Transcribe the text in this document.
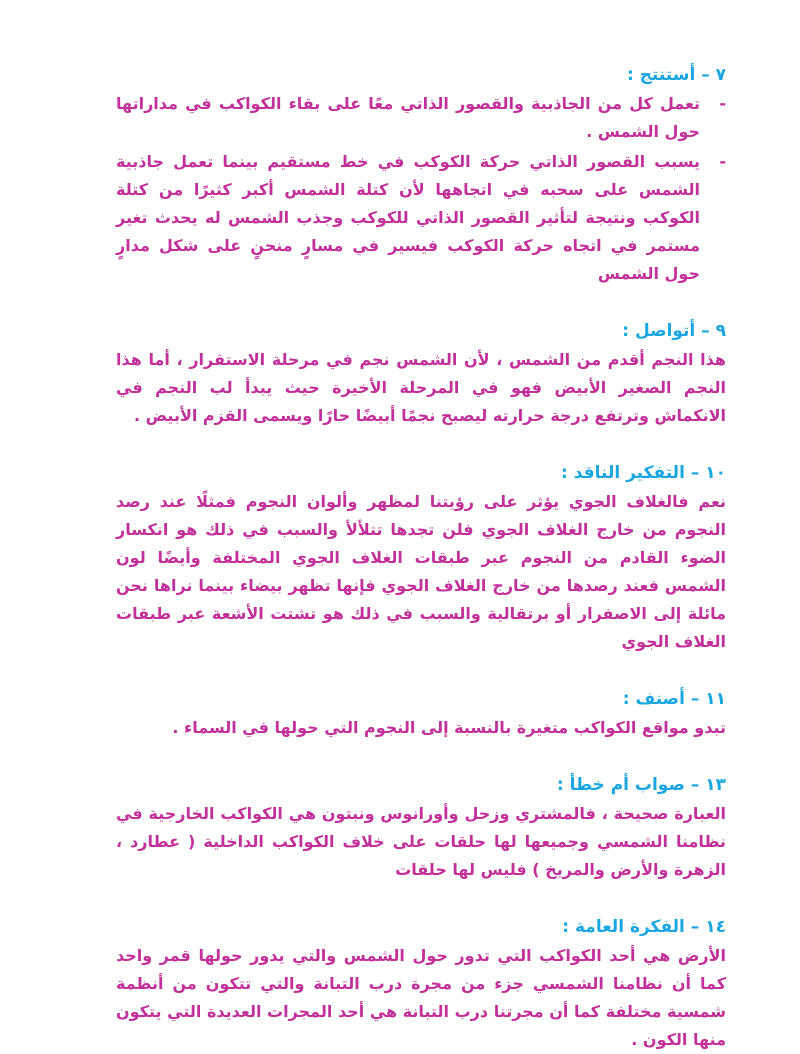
٧ – أستنتج :
-
تعمل كل من الجاذبية والقصور الذاتي معًا على بقاء الكواكب في مداراتها حول الشمس .
-
يسبب القصور الذاتي حركة الكوكب في خط مستقيم بينما تعمل جاذبية الشمس على سحبه في اتجاهها لأن كتلة الشمس أكبر كثيرًا من كتلة الكوكب ونتيجة لتأثير القصور الذاتي للكوكب وجذب الشمس له يحدث تغير مستمر في اتجاه حركة الكوكب فيسير في مسارٍ منحنٍ على شكل مدارٍ حول الشمس
٩ – أتواصل :

هذا النجم أقدم من الشمس ، لأن الشمس نجم في مرحلة الاستقرار ، أما هذا النجم الصغير الأبيض فهو في المرحلة الأخيرة حيث يبدأ لب النجم في الانكماش وترتفع درجة حرارته ليصبح نجمًا أبيضًا حارًا ويسمى القزم الأبيض .

١٠ – التفكير الناقد :

نعم فالغلاف الجوي يؤثر على رؤيتنا لمظهر وألوان النجوم فمثلًا عند رصد النجوم من خارج الغلاف الجوي فلن تجدها تتلألأ والسبب في ذلك هو انكسار الضوء القادم من النجوم عبر طبقات الغلاف الجوي المختلفة وأيضًا لون الشمس فعند رصدها من خارج الغلاف الجوي فإنها تظهر بيضاء بينما نراها نحن مائلة إلى الاصفرار أو برتقالية والسبب في ذلك هو تشتت الأشعة عبر طبقات الغلاف الجوي

١١ – أصنف :

تبدو مواقع الكواكب متغيرة بالنسبة إلى النجوم التي حولها في السماء .

١٣ – صواب أم خطأ :

العبارة صحيحة ، فالمشتري وزحل وأورانوس ونبتون هي الكواكب الخارجية في نظامنا الشمسي وجميعها لها حلقات على خلاف الكواكب الداخلية ( عطارد ، الزهرة والأرض والمريخ ) فليس لها حلقات

١٤ – الفكرة العامة :

الأرض هي أحد الكواكب التي تدور حول الشمس والتي يدور حولها قمر واحد كما أن نظامنا الشمسي جزء من مجرة درب التبانة والتي تتكون من أنظمة شمسية مختلفة كما أن مجرتنا درب التبانة هي أحد المجرات العديدة التي يتكون منها الكون .
